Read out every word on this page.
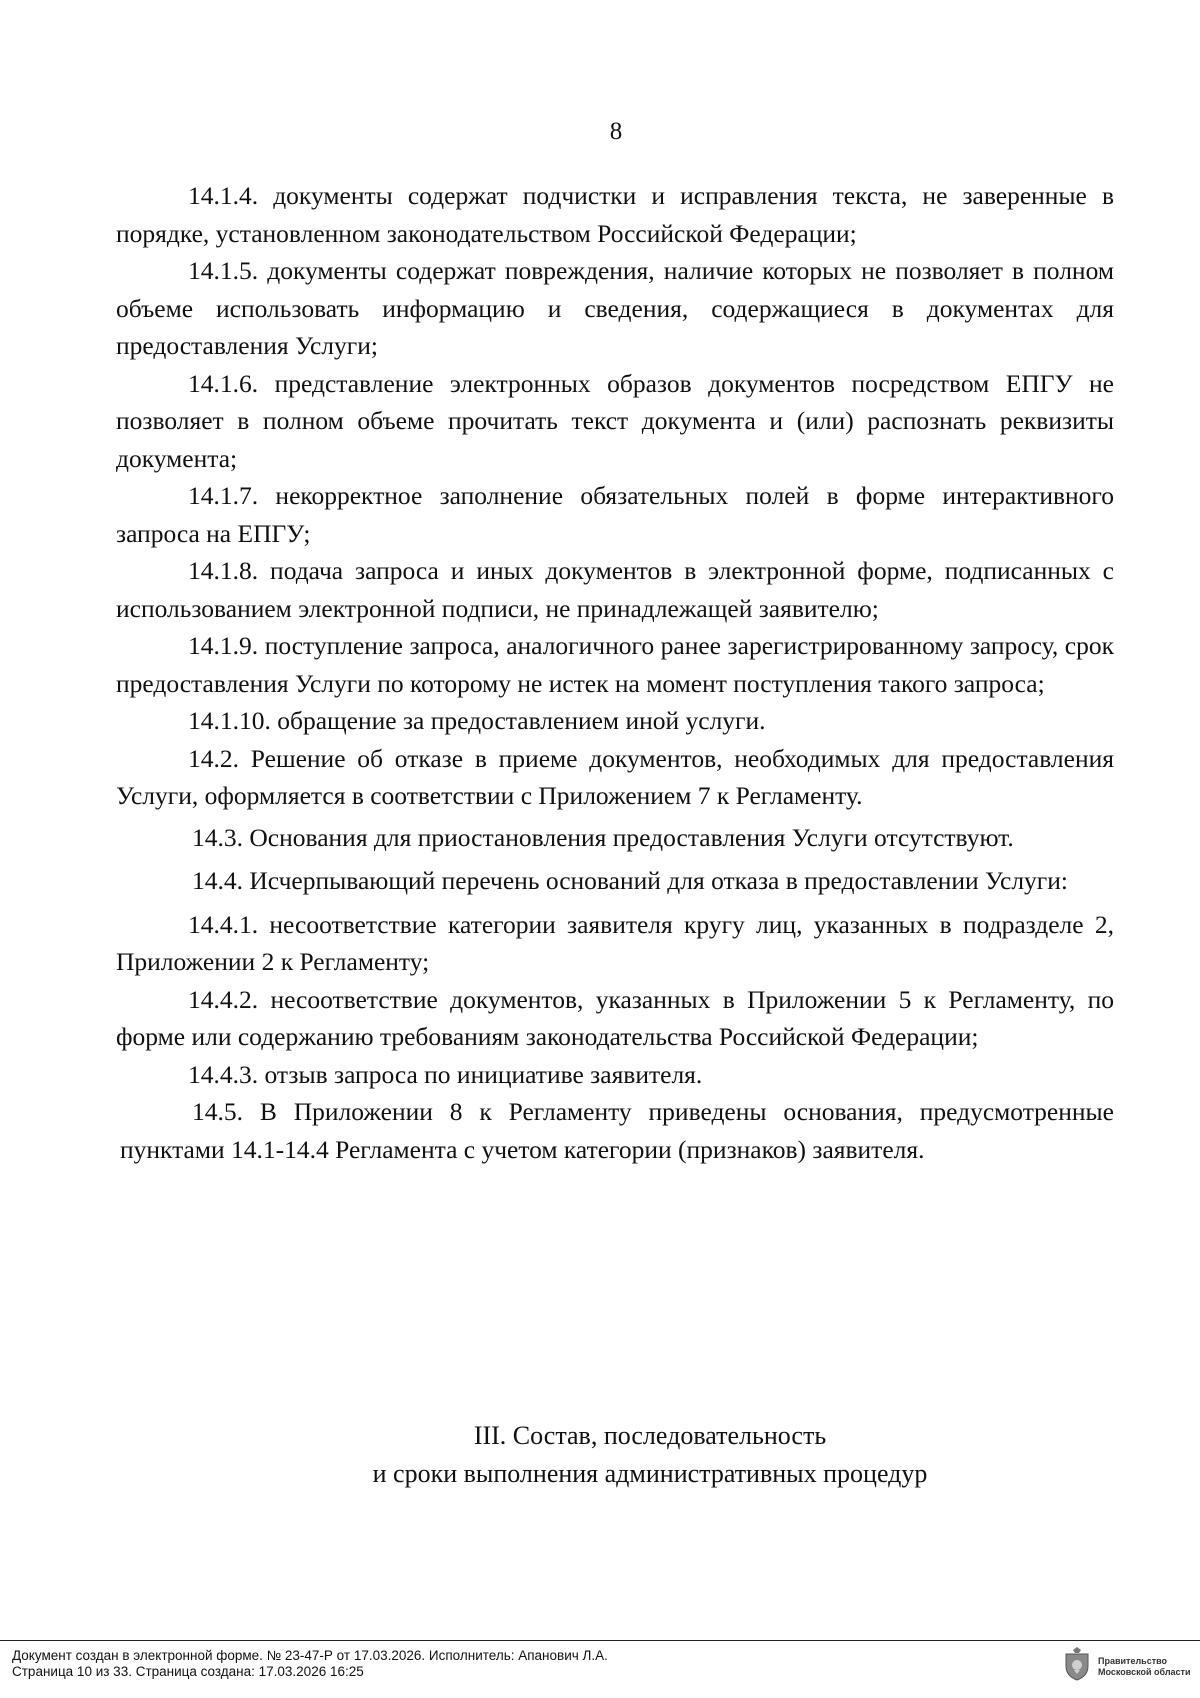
8

14.1.4. документы содержат подчистки и исправления текста, не заверенные в порядке, установленном законодательством Российской Федерации;

14.1.5. документы содержат повреждения, наличие которых не позволяет в полном объеме использовать информацию и сведения, содержащиеся в документах для предоставления Услуги;

14.1.6. представление электронных образов документов посредством ЕПГУ не позволяет в полном объеме прочитать текст документа и (или) распознать реквизиты документа;

14.1.7. некорректное заполнение обязательных полей в форме интерактивного запроса на ЕПГУ;

14.1.8. подача запроса и иных документов в электронной форме, подписанных с использованием электронной подписи, не принадлежащей заявителю;

14.1.9. поступление запроса, аналогичного ранее зарегистрированному запросу, срок предоставления Услуги по которому не истек на момент поступления такого запроса;

14.1.10. обращение за предоставлением иной услуги.

14.2. Решение об отказе в приеме документов, необходимых для предоставления Услуги, оформляется в соответствии с Приложением 7 к Регламенту.

14.3. Основания для приостановления предоставления Услуги отсутствуют.

14.4. Исчерпывающий перечень оснований для отказа в предоставлении Услуги:

14.4.1. несоответствие категории заявителя кругу лиц, указанных в подразделе 2, Приложении 2 к Регламенту;

14.4.2. несоответствие документов, указанных в Приложении 5 к Регламенту, по форме или содержанию требованиям законодательства Российской Федерации;

14.4.3. отзыв запроса по инициативе заявителя.

14.5. В Приложении 8 к Регламенту приведены основания, предусмотренные пунктами 14.1-14.4 Регламента с учетом категории (признаков) заявителя.

III. Состав, последовательность
и сроки выполнения административных процедур
Документ создан в электронной форме. № 23-47-Р от 17.03.2026. Исполнитель: Апанович Л.А.
Страница 10 из 33. Страница создана: 17.03.2026 16:25
Правительство
Московской области
